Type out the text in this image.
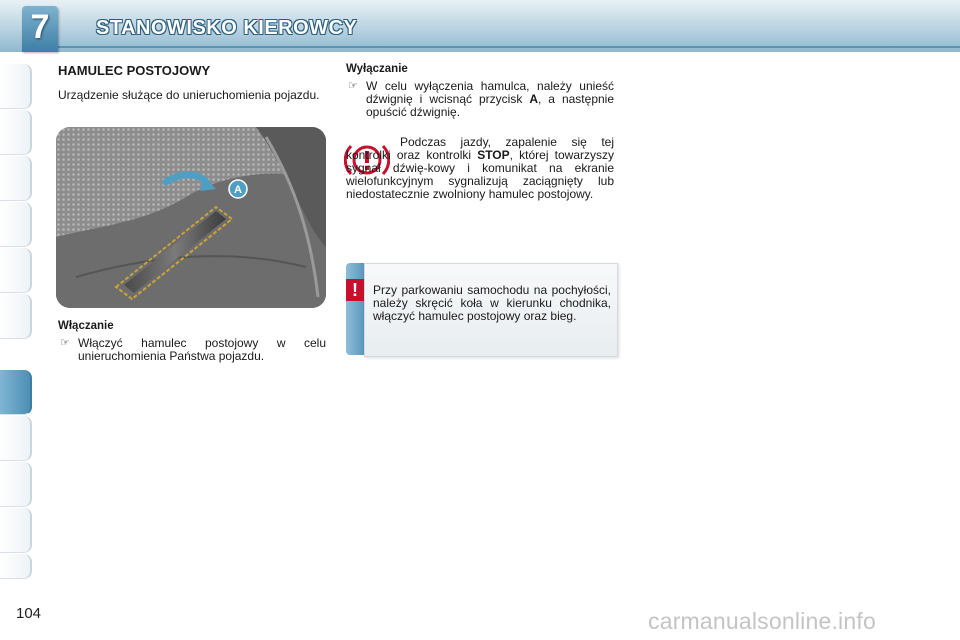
7	STANOWISKO KIEROWCY
HAMULEC POSTOJOWY
Urządzenie służące do unieruchomienia pojazdu.
A
Włączanie
☞ Włączyć hamulec postojowy w celu unieruchomienia Państwa pojazdu.
Wyłączanie
☞ W celu wyłączenia hamulca, należy unieść dźwignię i wcisnąć przycisk A, a następnie opuścić dźwignię.
Podczas jazdy, zapalenie się tej kontrolki oraz kontrolki STOP, której towarzyszy sygnał dźwię-kowy i komunikat na ekranie wielofunkcyjnym sygnalizują zaciągnięty lub niedostatecznie zwolniony hamulec postojowy.
!	Przy parkowaniu samochodu na pochyłości, należy skręcić koła w kierunku chodnika, włączyć hamulec postojowy oraz bieg.
104	carmanualsonline.info
